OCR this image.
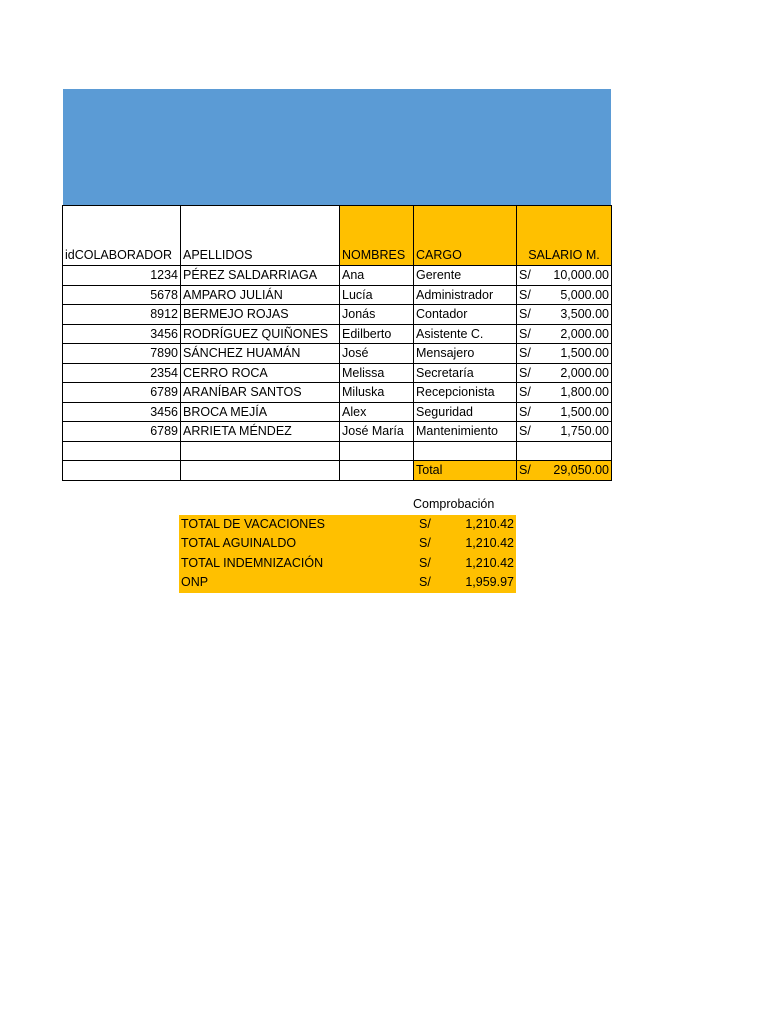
idCOLABORADOR	APELLIDOS	NOMBRES	CARGO	SALARIO M.
1234	PÉREZ SALDARRIAGA	Ana	Gerente	S/ 10,000.00

5678	AMPARO JULIÁN	Lucía	Administrador	S/ 5,000.00

8912	BERMEJO ROJAS	Jonás	Contador	S/ 3,500.00

3456	RODRÍGUEZ QUIÑONES	Edilberto	Asistente C.	S/ 2,000.00

7890	SÁNCHEZ HUAMÁN	José	Mensajero	S/ 1,500.00

2354	CERRO ROCA	Melissa	Secretaría	S/ 2,000.00

6789	ARANÍBAR SANTOS	Miluska	Recepcionista	S/ 1,800.00

3456	BROCA MEJÍA	Alex	Seguridad	S/ 1,500.00

6789	ARRIETA MÉNDEZ	José María	Mantenimiento	S/ 1,750.00

			Total	S/ 29,050.00
Comprobación
TOTAL DE VACACIONES	S/	1,210.42
TOTAL AGUINALDO	S/	1,210.42
TOTAL INDEMNIZACIÓN	S/	1,210.42
ONP	S/	1,959.97
